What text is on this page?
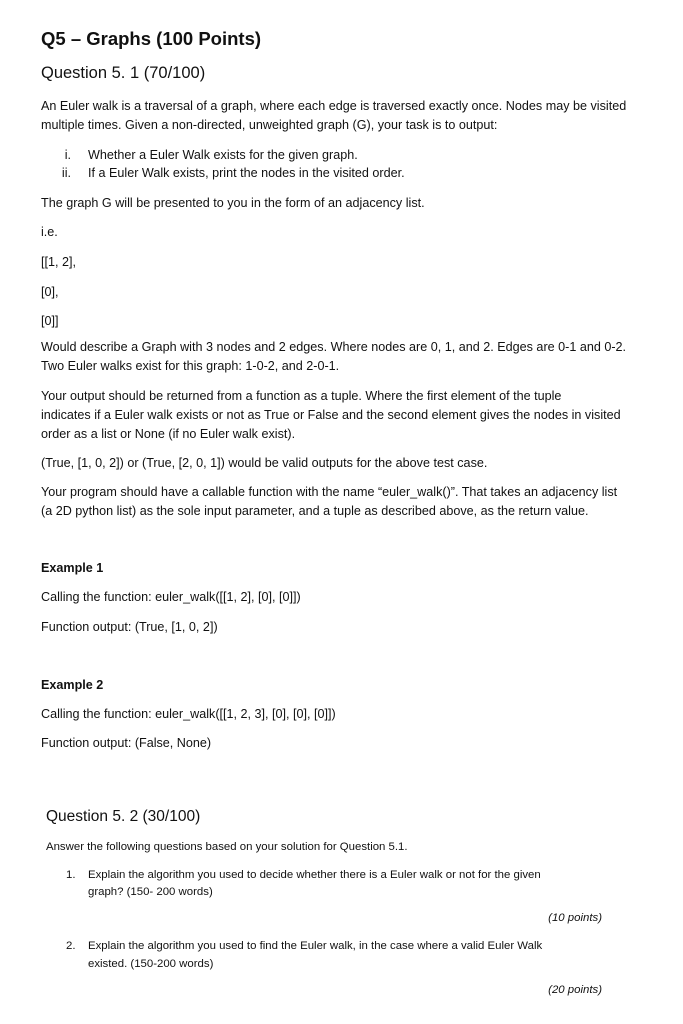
Q5 – Graphs (100 Points)
Question 5. 1 (70/100)
An Euler walk is a traversal of a graph, where each edge is traversed exactly once. Nodes may be visited
multiple times. Given a non-directed, unweighted graph (G), your task is to output:
i. Whether a Euler Walk exists for the given graph.
ii. If a Euler Walk exists, print the nodes in the visited order.
The graph G will be presented to you in the form of an adjacency list.
i.e.
[[1, 2],
[0],
[0]]
Would describe a Graph with 3 nodes and 2 edges. Where nodes are 0, 1, and 2. Edges are 0-1 and 0-2.
Two Euler walks exist for this graph: 1-0-2, and 2-0-1.
Your output should be returned from a function as a tuple. Where the first element of the tuple
indicates if a Euler walk exists or not as True or False and the second element gives the nodes in visited
order as a list or None (if no Euler walk exist).
(True, [1, 0, 2]) or (True, [2, 0, 1]) would be valid outputs for the above test case.
Your program should have a callable function with the name “euler_walk()”. That takes an adjacency list
(a 2D python list) as the sole input parameter, and a tuple as described above, as the return value.
Example 1
Calling the function: euler_walk([[1, 2], [0], [0]])
Function output: (True, [1, 0, 2])
Example 2
Calling the function: euler_walk([[1, 2, 3], [0], [0], [0]])
Function output: (False, None)
Question 5. 2 (30/100)
Answer the following questions based on your solution for Question 5.1.
1. Explain the algorithm you used to decide whether there is a Euler walk or not for the given
graph? (150- 200 words)
(10 points)
2. Explain the algorithm you used to find the Euler walk, in the case where a valid Euler Walk
existed. (150-200 words)
(20 points)
